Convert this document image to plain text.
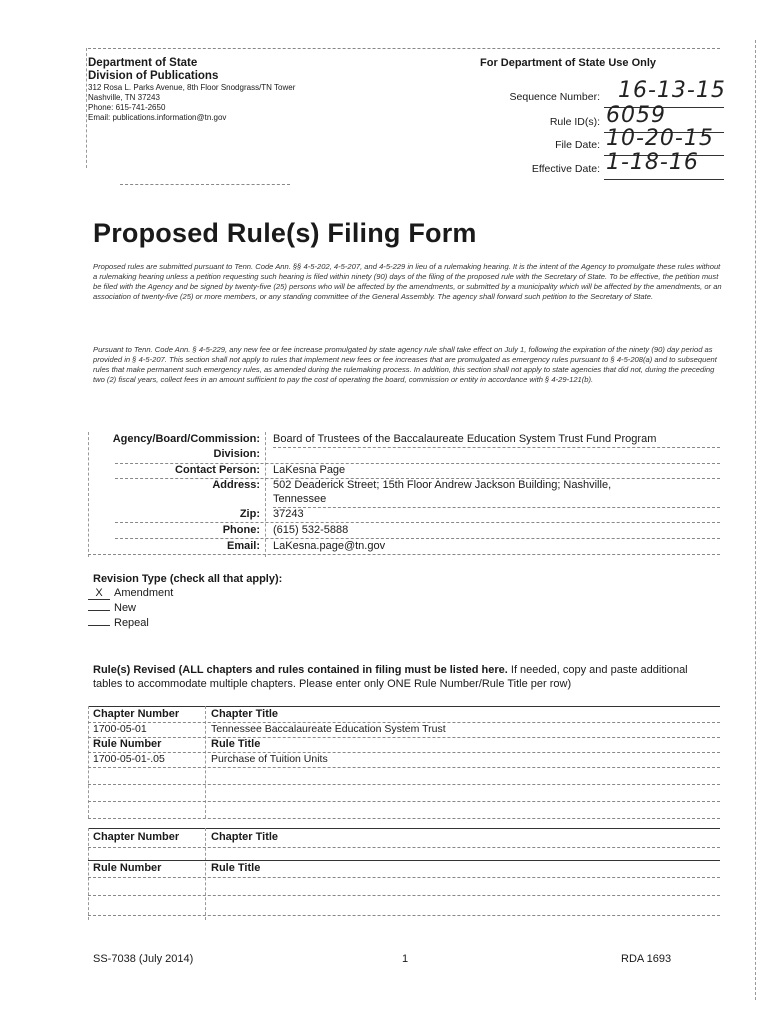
Department of State
Division of Publications
312 Rosa L. Parks Avenue, 8th Floor Snodgrass/TN Tower
Nashville, TN 37243
Phone: 615-741-2650
Email: publications.information@tn.gov
For Department of State Use Only
Sequence Number: 16-13-15
Rule ID(s): 6059
File Date: 10-20-15
Effective Date: 1-18-16
Proposed Rule(s) Filing Form
Proposed rules are submitted pursuant to Tenn. Code Ann. §§ 4-5-202, 4-5-207, and 4-5-229 in lieu of a rulemaking hearing. It is the intent of the Agency to promulgate these rules without a rulemaking hearing unless a petition requesting such hearing is filed within ninety (90) days of the filing of the proposed rule with the Secretary of State. To be effective, the petition must be filed with the Agency and be signed by twenty-five (25) persons who will be affected by the amendments, or submitted by a municipality which will be affected by the amendments, or an association of twenty-five (25) or more members, or any standing committee of the General Assembly. The agency shall forward such petition to the Secretary of State.
Pursuant to Tenn. Code Ann. § 4-5-229, any new fee or fee increase promulgated by state agency rule shall take effect on July 1, following the expiration of the ninety (90) day period as provided in § 4-5-207. This section shall not apply to rules that implement new fees or fee increases that are promulgated as emergency rules pursuant to § 4-5-208(a) and to subsequent rules that make permanent such emergency rules, as amended during the rulemaking process. In addition, this section shall not apply to state agencies that did not, during the preceding two (2) fiscal years, collect fees in an amount sufficient to pay the cost of operating the board, commission or entity in accordance with § 4-29-121(b).
Agency/Board/Commission: Board of Trustees of the Baccalaureate Education System Trust Fund Program
Division:
Contact Person: LaKesna Page
Address: 502 Deaderick Street; 15th Floor Andrew Jackson Building; Nashville,
Tennessee
Zip: 37243
Phone: (615) 532-5888
Email: LaKesna.page@tn.gov
Revision Type (check all that apply):
X Amendment
New
Repeal
Rule(s) Revised (ALL chapters and rules contained in filing must be listed here. If needed, copy and paste additional tables to accommodate multiple chapters. Please enter only ONE Rule Number/Rule Title per row)
Chapter Number	Chapter Title
1700-05-01	Tennessee Baccalaureate Education System Trust
Rule Number	Rule Title
1700-05-01-.05	Purchase of Tuition Units
Chapter Number	Chapter Title
Rule Number	Rule Title
SS-7038 (July 2014)	1	RDA 1693
